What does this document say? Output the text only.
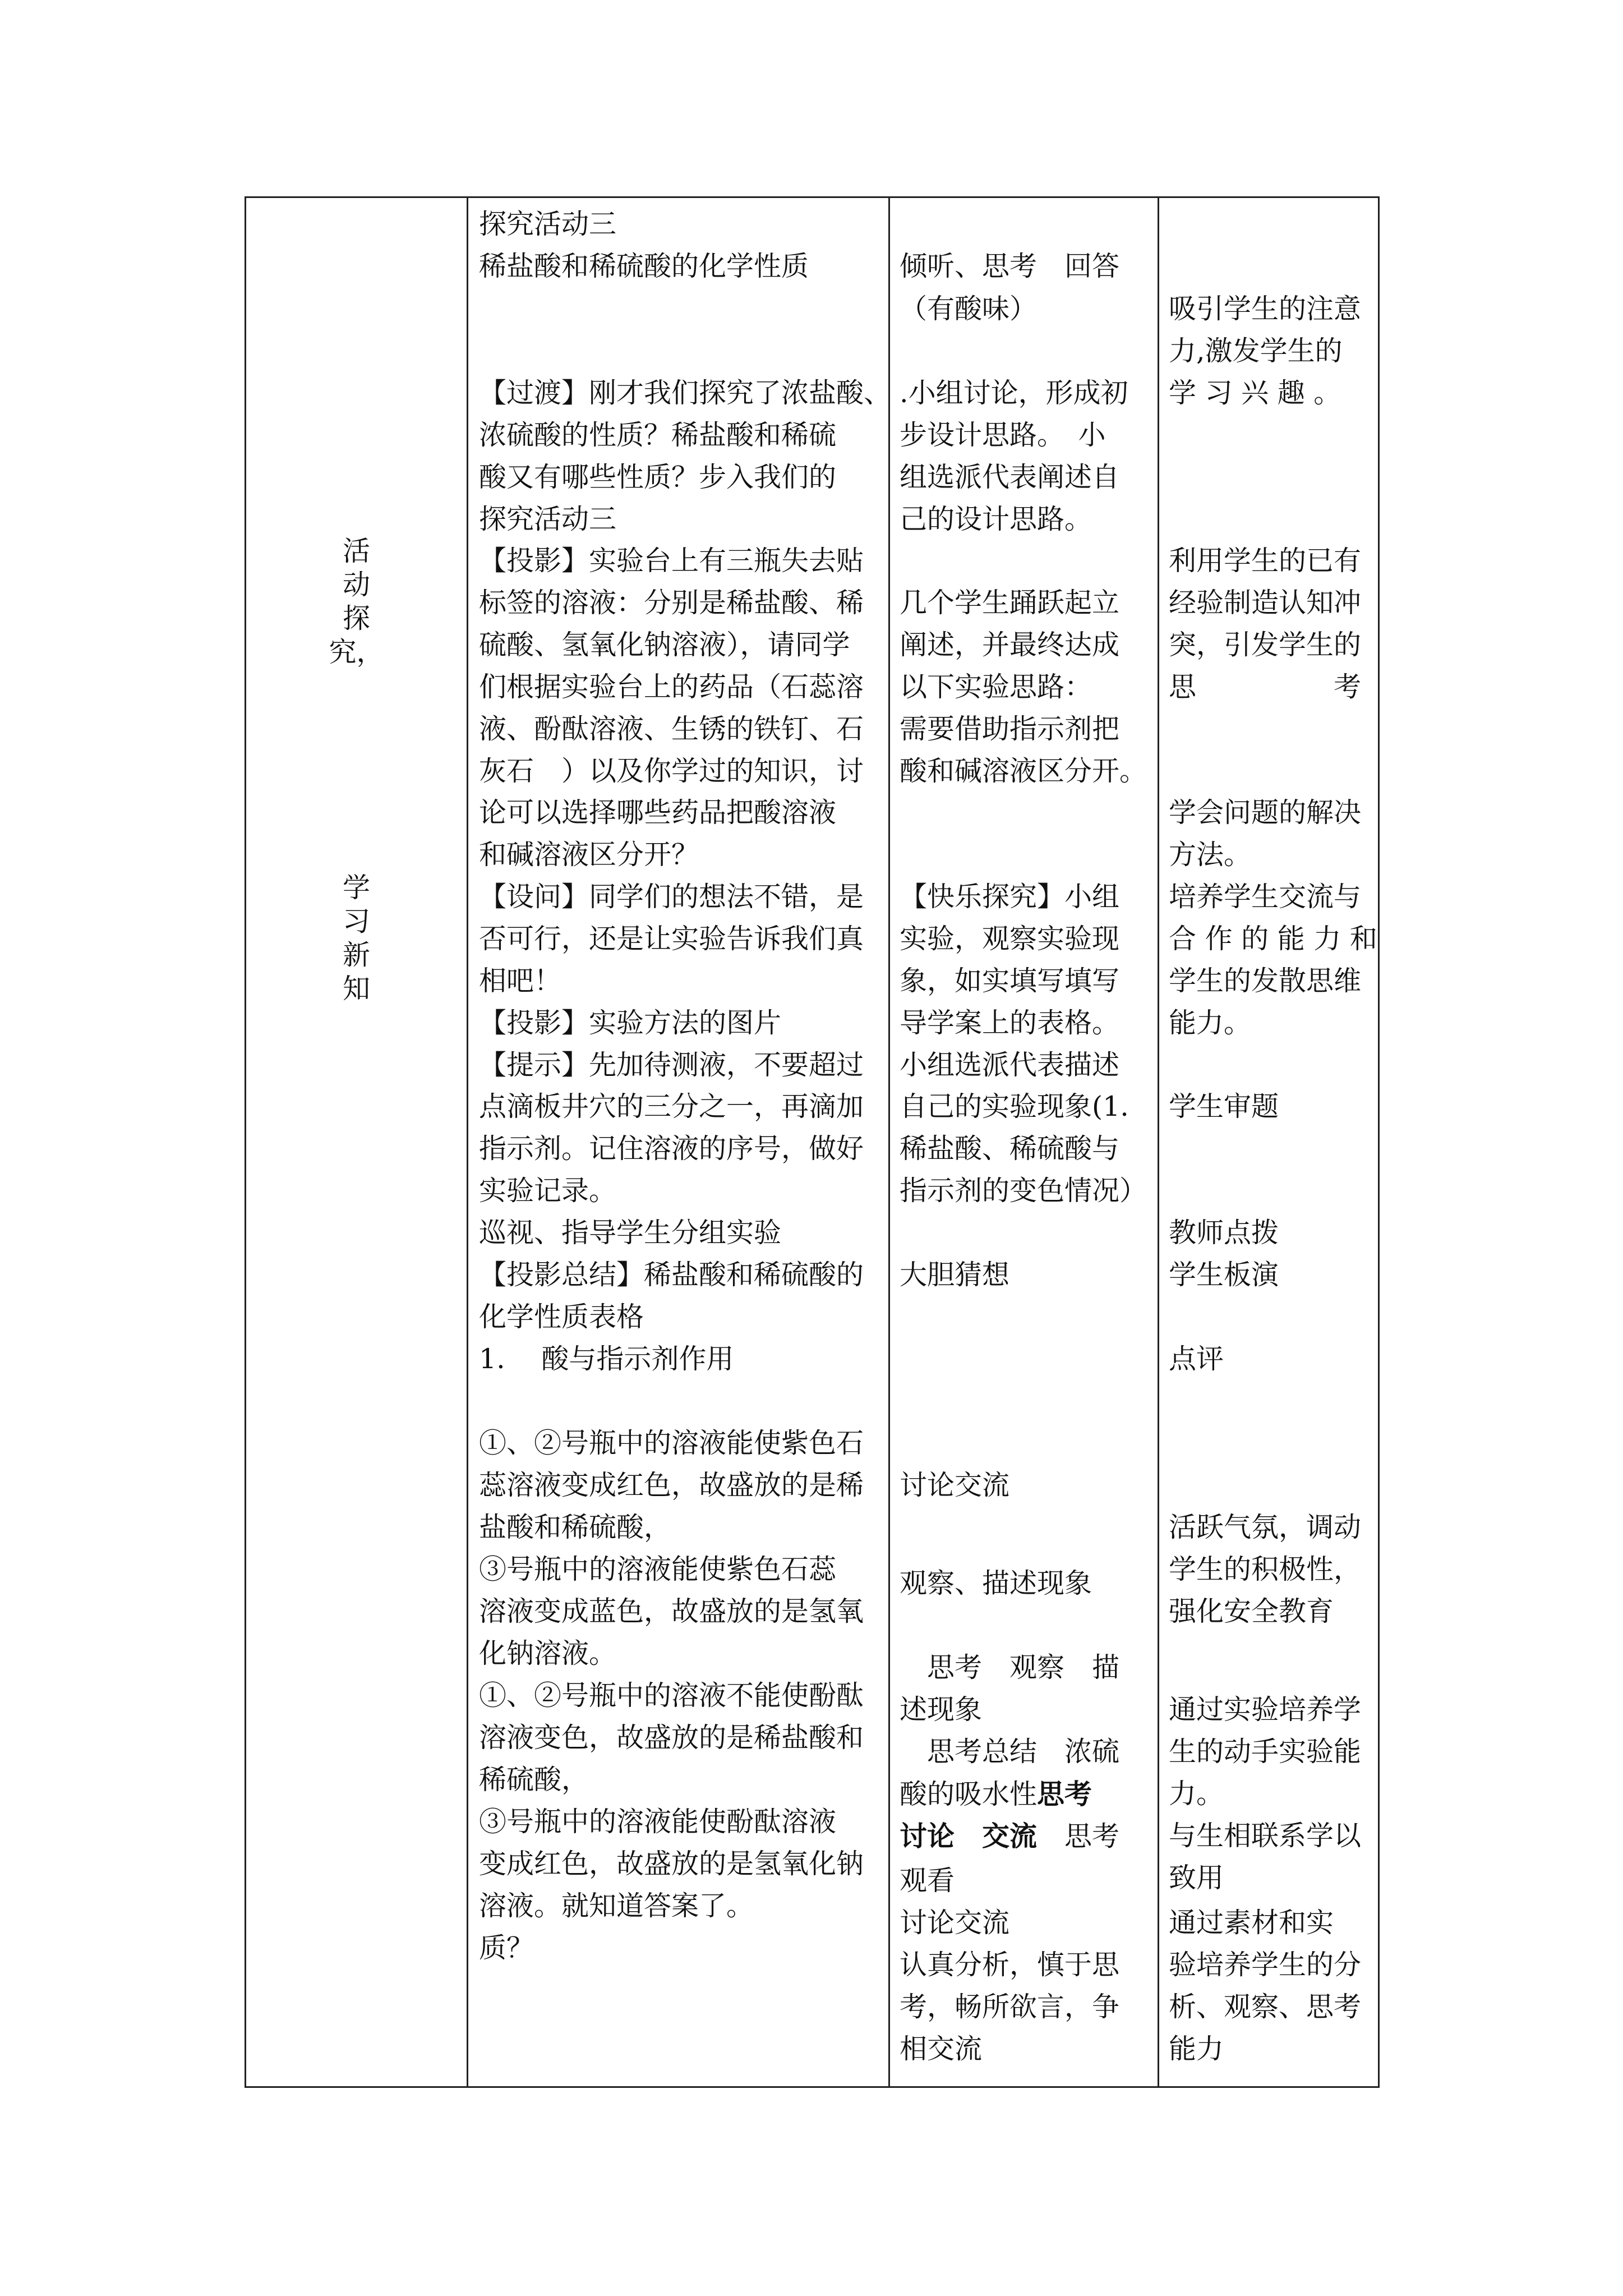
活
动
探
究，
学
习
新
知
探究活动三
稀盐酸和稀硫酸的化学性质
【过渡】刚才我们探究了浓盐酸、
浓硫酸的性质？稀盐酸和稀硫
酸又有哪些性质？步入我们的
探究活动三
【投影】实验台上有三瓶失去贴
标签的溶液：分别是稀盐酸、稀
硫酸、氢氧化钠溶液），请同学
们根据实验台上的药品（石蕊溶
液、酚酞溶液、生锈的铁钉、石
灰石　）以及你学过的知识，讨
论可以选择哪些药品把酸溶液
和碱溶液区分开？
【设问】同学们的想法不错，是
否可行，还是让实验告诉我们真
相吧！
【投影】实验方法的图片
【提示】先加待测液，不要超过
点滴板井穴的三分之一，再滴加
指示剂。记住溶液的序号，做好
实验记录。
巡视、指导学生分组实验
【投影总结】稀盐酸和稀硫酸的
化学性质表格
1.　 酸与指示剂作用
①、②号瓶中的溶液能使紫色石
蕊溶液变成红色，故盛放的是稀
盐酸和稀硫酸，
③号瓶中的溶液能使紫色石蕊
溶液变成蓝色，故盛放的是氢氧
化钠溶液。
①、②号瓶中的溶液不能使酚酞
溶液变色，故盛放的是稀盐酸和
稀硫酸，
③号瓶中的溶液能使酚酞溶液
变成红色，故盛放的是氢氧化钠
溶液。就知道答案了。
质？
倾听、思考　回答
（有酸味）
.小组讨论，形成初
步设计思路。　小
组选派代表阐述自
己的设计思路。
几个学生踊跃起立
阐述，并最终达成
以下实验思路：
需要借助指示剂把
酸和碱溶液区分开。
【快乐探究】小组
实验，观察实验现
象，如实填写填写
导学案上的表格。
小组选派代表描述
自己的实验现象(1.
稀盐酸、稀硫酸与
指示剂的变色情况）
大胆猜想
讨论交流
观察、描述现象
　思考　观察　描
述现象
　思考总结　浓硫
酸的吸水性思考
讨论　交流　思考
观看
讨论交流
认真分析，慎于思
考，畅所欲言，争
相交流
吸引学生的注意
力,激发学生的
学 习 兴 趣 。
利用学生的已有
经验制造认知冲
突，引发学生的
思　　　　　考
学会问题的解决
方法。
培养学生交流与
合 作 的 能 力 和
学生的发散思维
能力。
学生审题
教师点拨
学生板演
点评
活跃气氛，调动
学生的积极性，
强化安全教育
通过实验培养学
生的动手实验能
力。
与生相联系学以
致用
通过素材和实
验培养学生的分
析、观察、思考
能力
